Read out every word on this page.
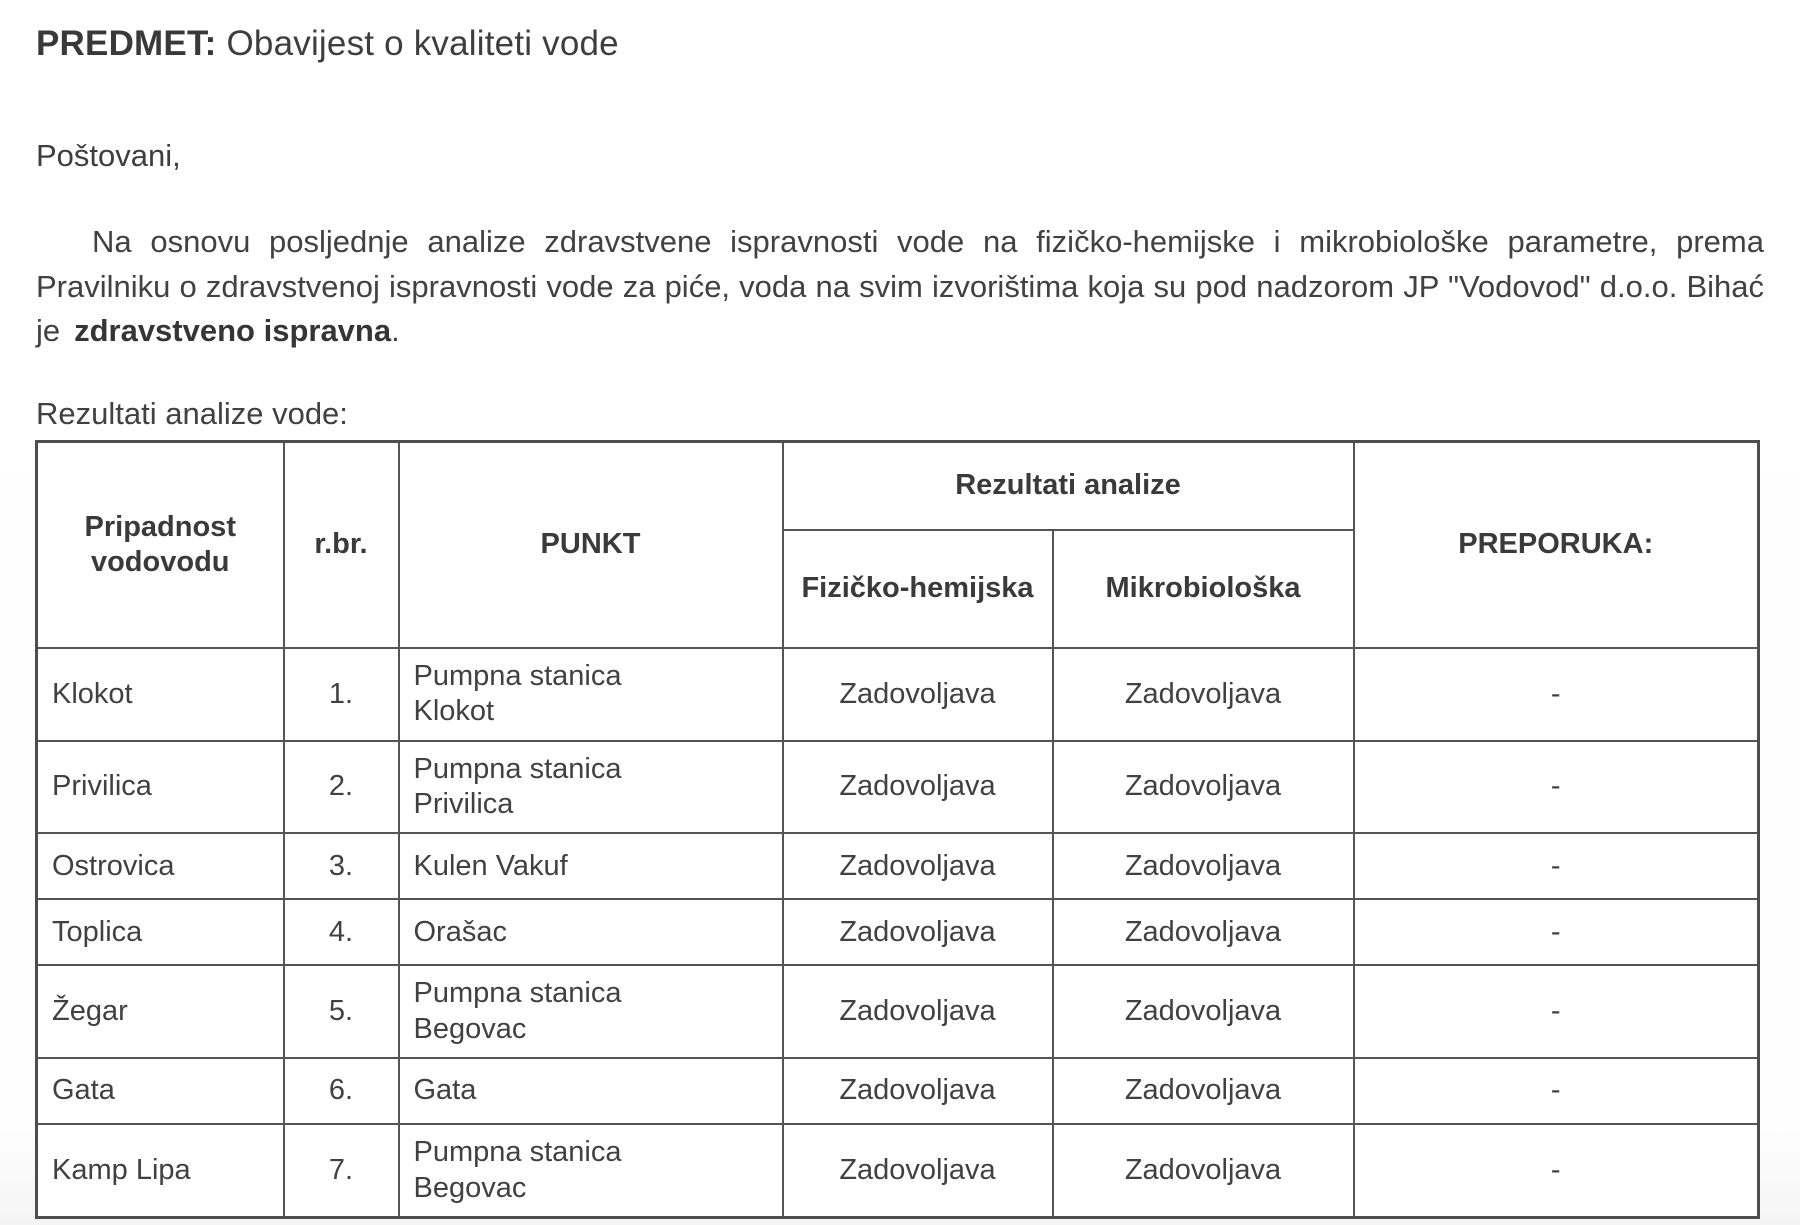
PREDMET: Obavijest o kvaliteti vode
Poštovani,
Na osnovu posljednje analize zdravstvene ispravnosti vode na fizičko-hemijske i mikrobiološke parametre, prema Pravilniku o zdravstvenoj ispravnosti vode za piće, voda na svim izvorištima koja su pod nadzorom JP "Vodovod" d.o.o. Bihać je zdravstveno ispravna.
Rezultati analize vode:
Pripadnost vodovodu	r.br.	PUNKT	Rezultati analize		PREPORUKA:
			Fizičko-hemijska	Mikrobiološka	
Klokot	1.	Pumpna stanica Klokot	Zadovoljava	Zadovoljava	-
Privilica	2.	Pumpna stanica Privilica	Zadovoljava	Zadovoljava	-
Ostrovica	3.	Kulen Vakuf	Zadovoljava	Zadovoljava	-
Toplica	4.	Orašac	Zadovoljava	Zadovoljava	-
Žegar	5.	Pumpna stanica Begovac	Zadovoljava	Zadovoljava	-
Gata	6.	Gata	Zadovoljava	Zadovoljava	-
Kamp Lipa	7.	Pumpna stanica Begovac	Zadovoljava	Zadovoljava	-
